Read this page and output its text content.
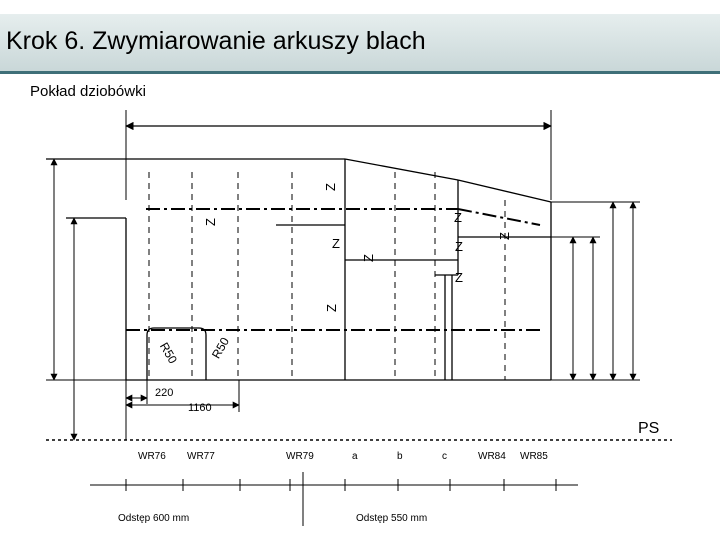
Krok 6. Zwymiarowanie arkuszy blach
Pokład dziobówki
Z
Z	Z
Z	Z
Z
Z
Z
Z
R50 R50
220
1160
PS
WR76 WR77	WR79	a	b	c	WR84 WR85
Odstęp 600 mm	Odstęp 550 mm
